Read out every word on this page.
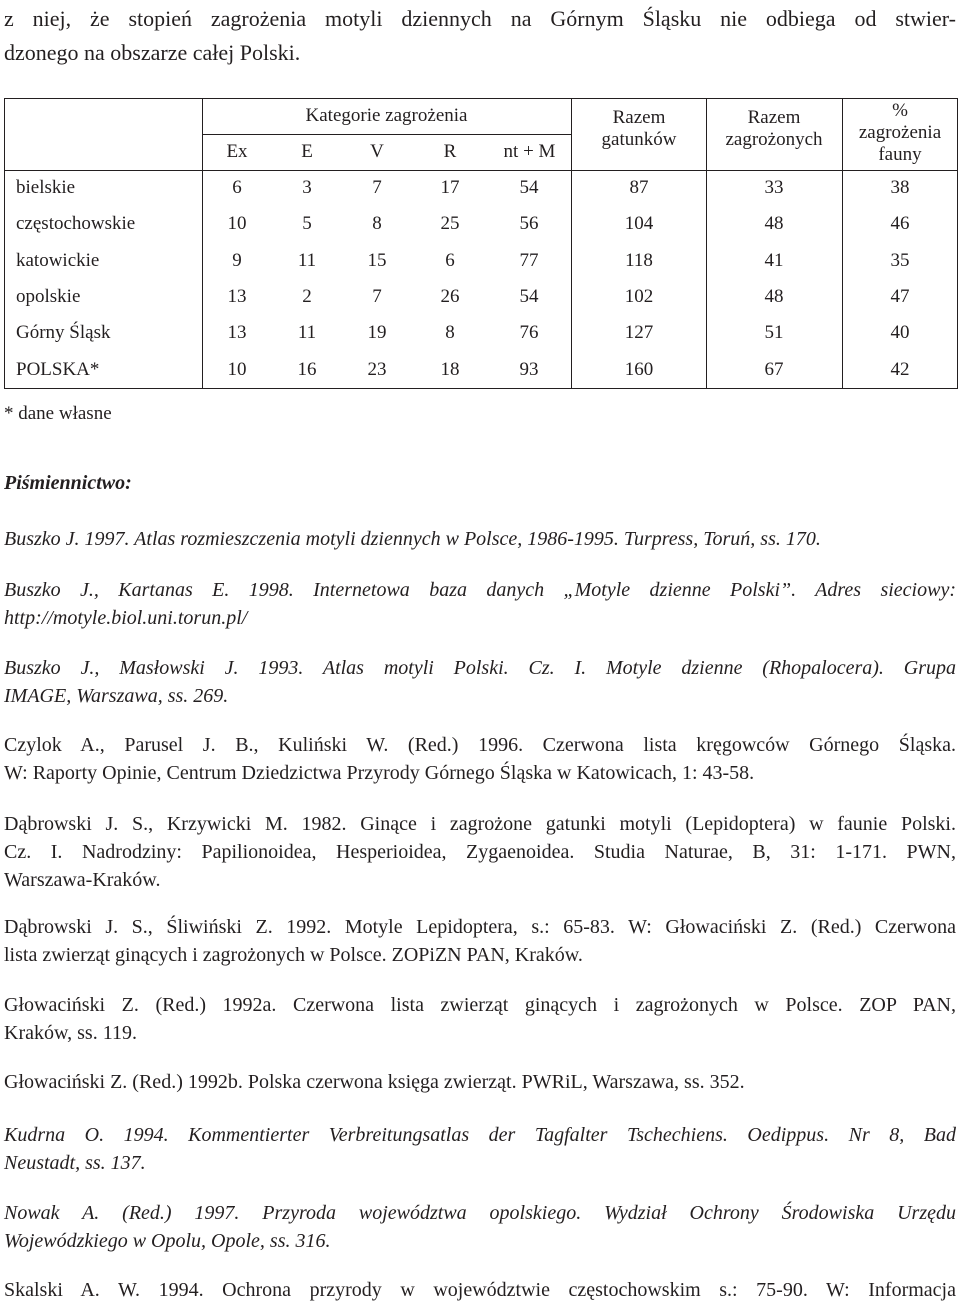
z niej, że stopień zagrożenia motyli dziennych na Górnym Śląsku nie odbiega od stwier-
dzonego na obszarze całej Polski.
Kategorie zagrożenia
Ex	E	V	R	nt + M
Razem gatunków
Razem zagrożonych
%
zagrożenia
fauny
bielskie	6	3	7	17	54	87	33	38
częstochowskie	10	5	8	25	56	104	48	46
katowickie	9	11	15	6	77	118	41	35
opolskie	13	2	7	26	54	102	48	47
Górny Śląsk	13	11	19	8	76	127	51	40
POLSKA*	10	16	23	18	93	160	67	42
* dane własne
Piśmiennictwo:
Buszko J. 1997. Atlas rozmieszczenia motyli dziennych w Polsce, 1986-1995. Turpress, Toruń, ss. 170.
Buszko J., Kartanas E. 1998. Internetowa baza danych „Motyle dzienne Polski”. Adres sieciowy:
http://motyle.biol.uni.torun.pl/
Buszko J., Masłowski J. 1993. Atlas motyli Polski. Cz. I. Motyle dzienne (Rhopalocera). Grupa
IMAGE, Warszawa, ss. 269.
Czylok A., Parusel J. B., Kuliński W. (Red.) 1996. Czerwona lista kręgowców Górnego Śląska.
W: Raporty Opinie, Centrum Dziedzictwa Przyrody Górnego Śląska w Katowicach, 1: 43-58.
Dąbrowski J. S., Krzywicki M. 1982. Ginące i zagrożone gatunki motyli (Lepidoptera) w faunie Polski.
Cz. I. Nadrodziny: Papilionoidea, Hesperioidea, Zygaenoidea. Studia Naturae, B, 31: 1-171. PWN,
Warszawa-Kraków.
Dąbrowski J. S., Śliwiński Z. 1992. Motyle Lepidoptera, s.: 65-83. W: Głowaciński Z. (Red.) Czerwona
lista zwierząt ginących i zagrożonych w Polsce. ZOPiZN PAN, Kraków.
Głowaciński Z. (Red.) 1992a. Czerwona lista zwierząt ginących i zagrożonych w Polsce. ZOP PAN,
Kraków, ss. 119.
Głowaciński Z. (Red.) 1992b. Polska czerwona księga zwierząt. PWRiL, Warszawa, ss. 352.
Kudrna O. 1994. Kommentierter Verbreitungsatlas der Tagfalter Tschechiens. Oedippus. Nr 8, Bad
Neustadt, ss. 137.
Nowak A. (Red.) 1997. Przyroda województwa opolskiego. Wydział Ochrony Środowiska Urzędu
Wojewódzkiego w Opolu, Opole, ss. 316.
Skalski A. W. 1994. Ochrona przyrody w województwie częstochowskim s.: 75-90. W: Informacja
